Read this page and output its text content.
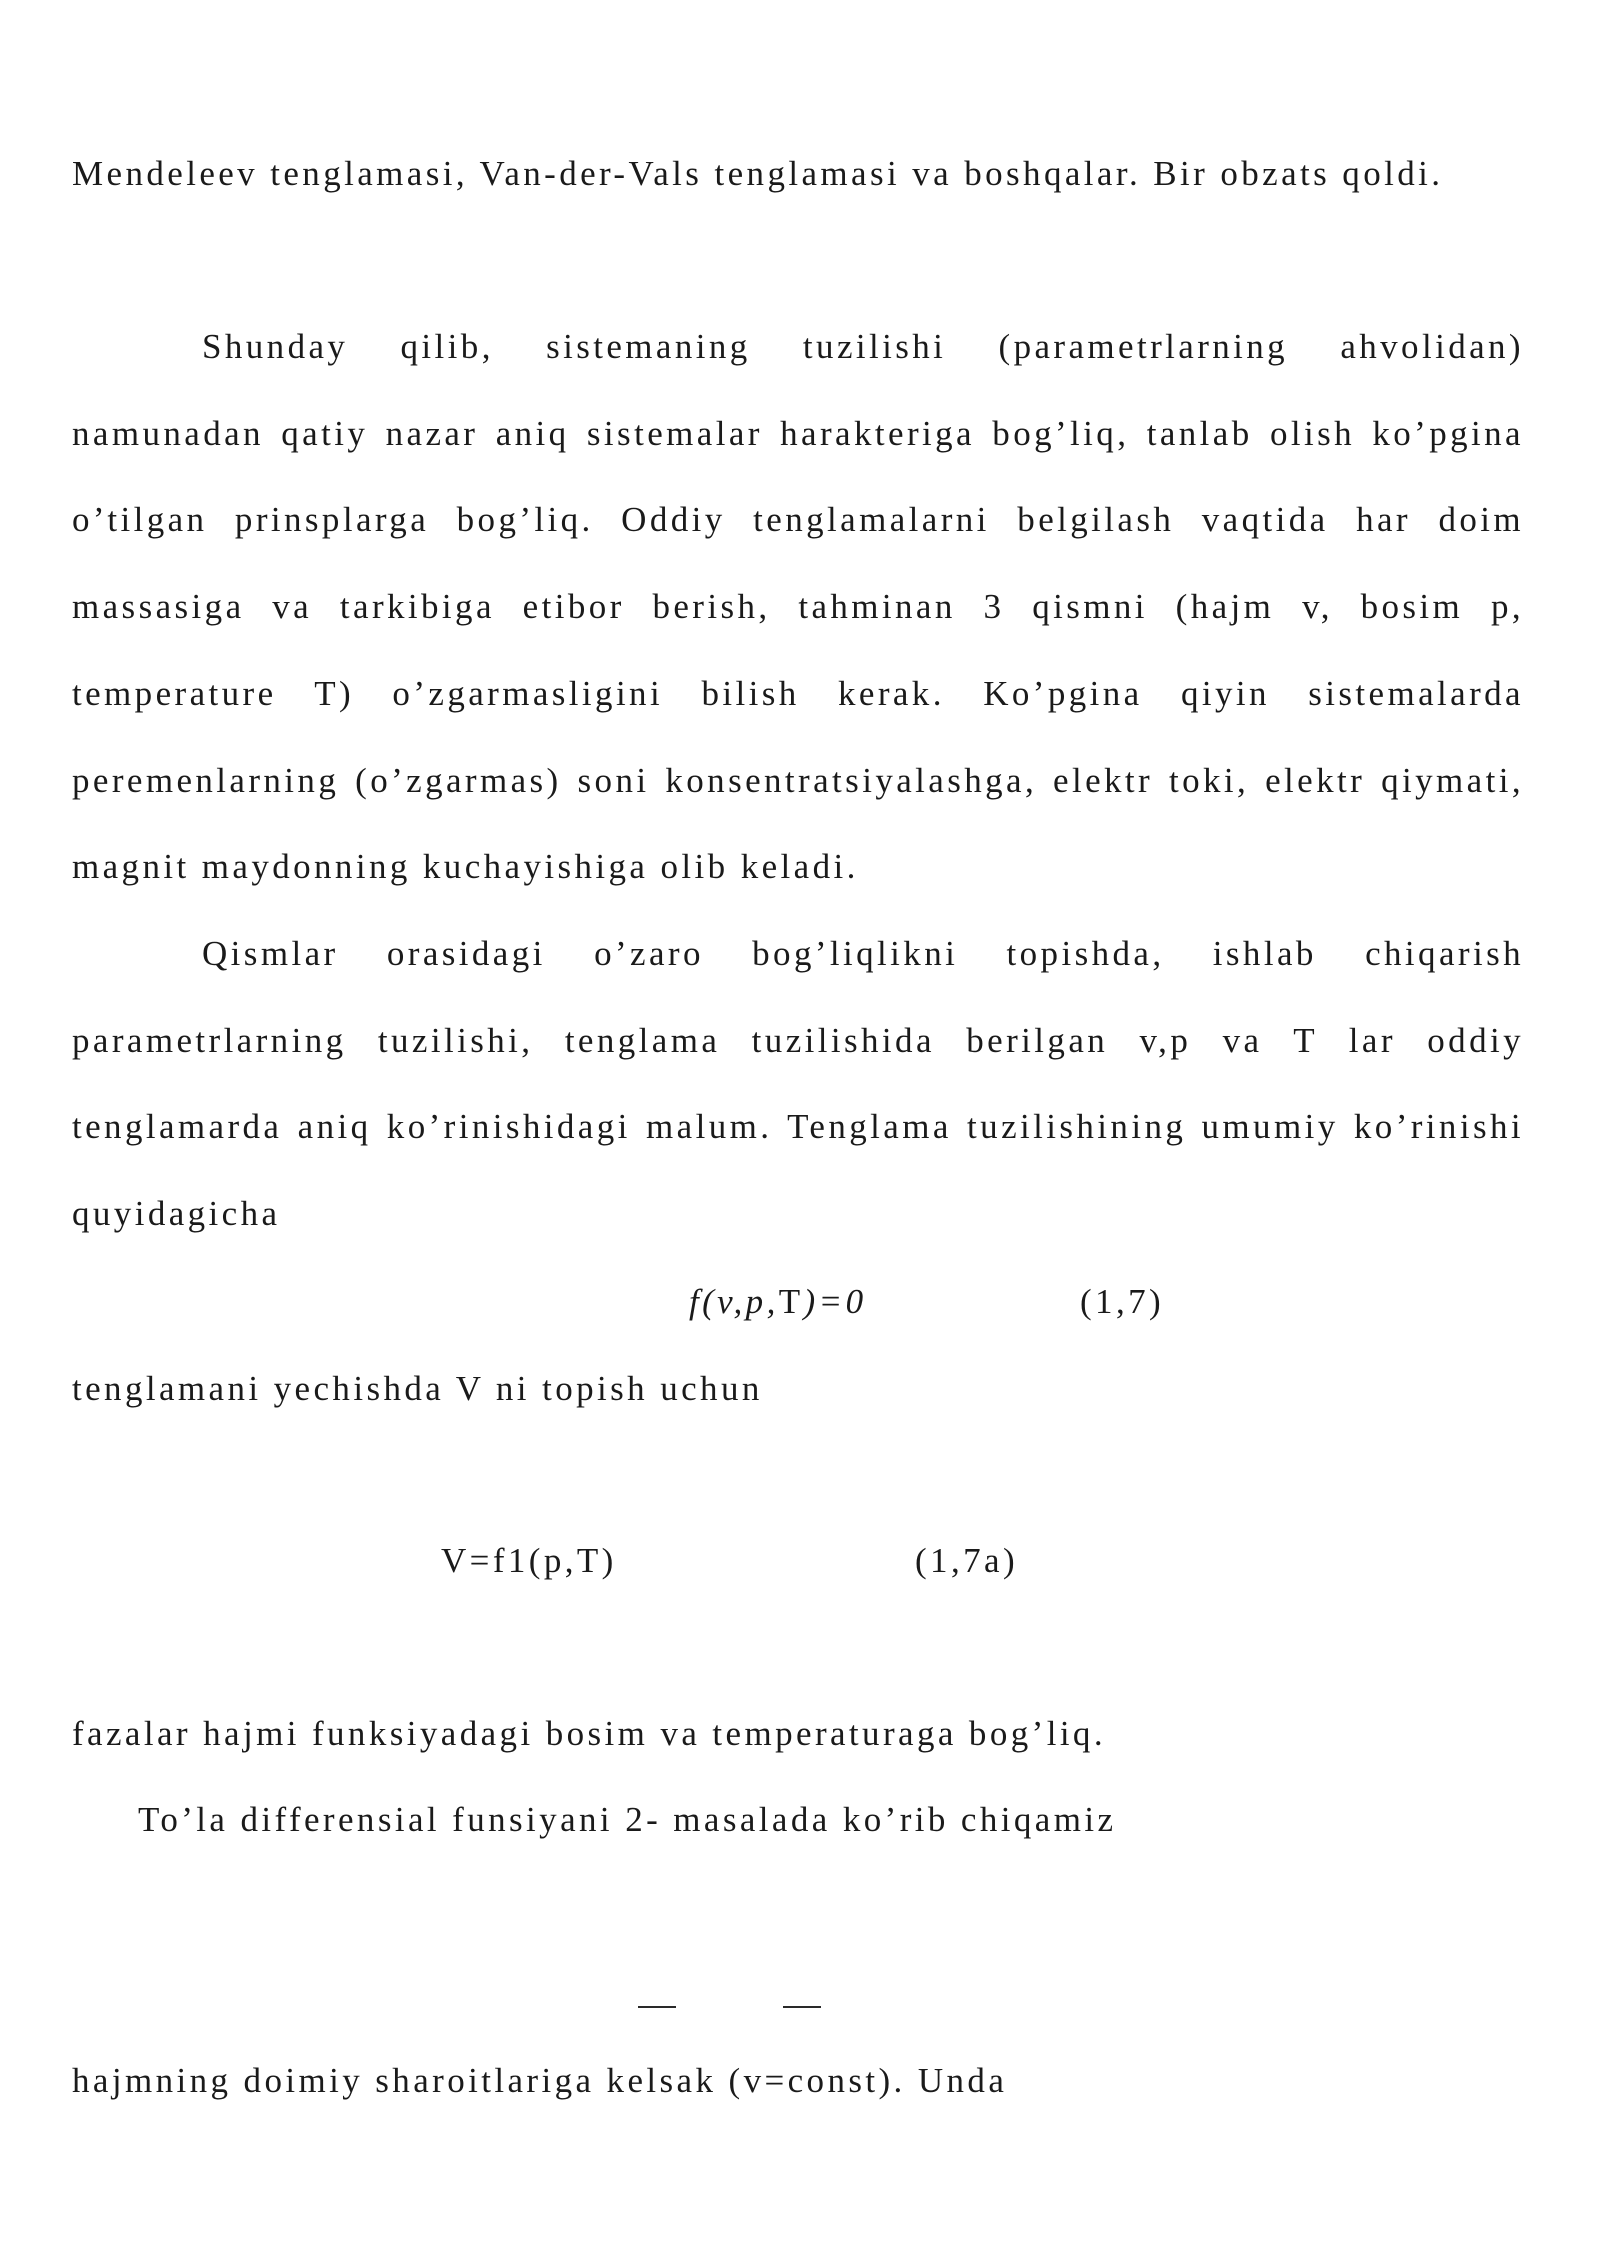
Mendeleev tenglamasi, Van-der-Vals tenglamasi va boshqalar. Bir obzats qoldi.

Shunday qilib, sistemaning tuzilishi (parametrlarning ahvolidan) namunadan qatiy nazar aniq sistemalar harakteriga bog’liq, tanlab olish ko’pgina o’tilgan prinsplarga bog’liq. Oddiy tenglamalarni belgilash vaqtida har doim massasiga va tarkibiga etibor berish, tahminan 3 qismni (hajm v, bosim p, temperature T) o’zgarmasligini bilish kerak. Ko’pgina qiyin sistemalarda peremenlarning (o’zgarmas) soni konsentratsiyalashga, elektr toki, elektr qiymati, magnit maydonning kuchayishiga olib keladi.

Qismlar orasidagi o’zaro bog’liqlikni topishda, ishlab chiqarish parametrlarning tuzilishi, tenglama tuzilishida berilgan v,p va T lar oddiy tenglamarda aniq ko’rinishidagi malum. Tenglama tuzilishining umumiy ko’rinishi quyidagicha

f(v,p,T)=0	(1,7)
tenglamani yechishda V ni topish uchun
V=f1(p,T)	(1,7a)
fazalar hajmi funksiyadagi bosim va temperaturaga bog’liq.
To’la differensial funsiyani 2- masalada ko’rib chiqamiz
hajmning doimiy sharoitlariga kelsak (v=const). Unda
